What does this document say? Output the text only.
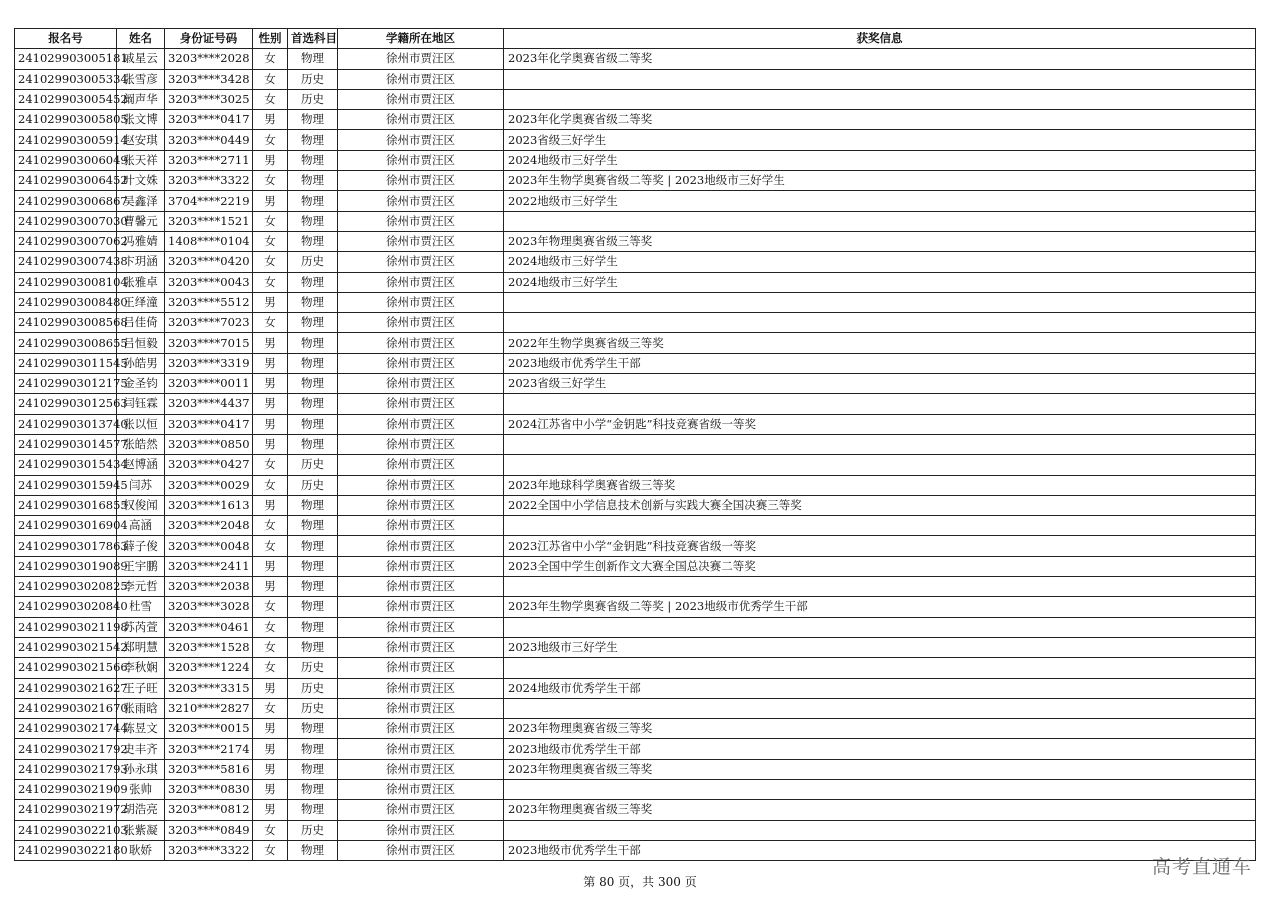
报名号	姓名	身份证号码	性别	首选科目	学籍所在地区	获奖信息
241029903005181	戚星云	3203****2028	女	物理	徐州市贾汪区	2023年化学奥赛省级二等奖
241029903005334	张雪彦	3203****3428	女	历史	徐州市贾汪区	
241029903005452	阚声华	3203****3025	女	历史	徐州市贾汪区	
241029903005805	张文博	3203****0417	男	物理	徐州市贾汪区	2023年化学奥赛省级二等奖
241029903005914	赵安琪	3203****0449	女	物理	徐州市贾汪区	2023省级三好学生
241029903006049	张天祥	3203****2711	男	物理	徐州市贾汪区	2024地级市三好学生
241029903006452	叶文姝	3203****3322	女	物理	徐州市贾汪区	2023年生物学奥赛省级二等奖 | 2023地级市三好学生
241029903006867	吴鑫泽	3704****2219	男	物理	徐州市贾汪区	2022地级市三好学生
241029903007030	曹馨元	3203****1521	女	物理	徐州市贾汪区	
241029903007062	冯雅婧	1408****0104	女	物理	徐州市贾汪区	2023年物理奥赛省级三等奖
241029903007438	卞玥涵	3203****0420	女	历史	徐州市贾汪区	2024地级市三好学生
241029903008104	张雅卓	3203****0043	女	物理	徐州市贾汪区	2024地级市三好学生
241029903008480	王绎潼	3203****5512	男	物理	徐州市贾汪区	
241029903008568	吕佳倚	3203****7023	女	物理	徐州市贾汪区	
241029903008655	吕恒毅	3203****7015	男	物理	徐州市贾汪区	2022年生物学奥赛省级三等奖
241029903011545	孙皓男	3203****3319	男	物理	徐州市贾汪区	2023地级市优秀学生干部
241029903012175	金圣钧	3203****0011	男	物理	徐州市贾汪区	2023省级三好学生
241029903012563	闫钰霖	3203****4437	男	物理	徐州市贾汪区	
241029903013740	张以恒	3203****0417	男	物理	徐州市贾汪区	2024江苏省中小学“金钥匙”科技竞赛省级一等奖
241029903014577	张皓然	3203****0850	男	物理	徐州市贾汪区	
241029903015434	赵博涵	3203****0427	女	历史	徐州市贾汪区	
241029903015945	闫苏	3203****0029	女	历史	徐州市贾汪区	2023年地球科学奥赛省级三等奖
241029903016855	权俊闻	3203****1613	男	物理	徐州市贾汪区	2022全国中小学信息技术创新与实践大赛全国决赛三等奖
241029903016904	高涵	3203****2048	女	物理	徐州市贾汪区	
241029903017863	薛子俊	3203****0048	女	物理	徐州市贾汪区	2023江苏省中小学“金钥匙”科技竞赛省级一等奖
241029903019089	王宇鹏	3203****2411	男	物理	徐州市贾汪区	2023全国中学生创新作文大赛全国总决赛二等奖
241029903020825	李元哲	3203****2038	男	物理	徐州市贾汪区	
241029903020840	杜雪	3203****3028	女	物理	徐州市贾汪区	2023年生物学奥赛省级二等奖 | 2023地级市优秀学生干部
241029903021198	苏芮萱	3203****0461	女	物理	徐州市贾汪区	
241029903021542	郑明慧	3203****1528	女	物理	徐州市贾汪区	2023地级市三好学生
241029903021566	李秋娴	3203****1224	女	历史	徐州市贾汪区	
241029903021627	王子旺	3203****3315	男	历史	徐州市贾汪区	2024地级市优秀学生干部
241029903021670	张雨晗	3210****2827	女	历史	徐州市贾汪区	
241029903021744	陈昱文	3203****0015	男	物理	徐州市贾汪区	2023年物理奥赛省级三等奖
241029903021792	史丰齐	3203****2174	男	物理	徐州市贾汪区	2023地级市优秀学生干部
241029903021793	孙永琪	3203****5816	男	物理	徐州市贾汪区	2023年物理奥赛省级三等奖
241029903021909	张帅	3203****0830	男	物理	徐州市贾汪区	
241029903021972	胡浩亮	3203****0812	男	物理	徐州市贾汪区	2023年物理奥赛省级三等奖
241029903022103	张紫凝	3203****0849	女	历史	徐州市贾汪区	
241029903022180	耿娇	3203****3322	女	物理	徐州市贾汪区	2023地级市优秀学生干部
第 80 页，共 300 页
高考直通车
